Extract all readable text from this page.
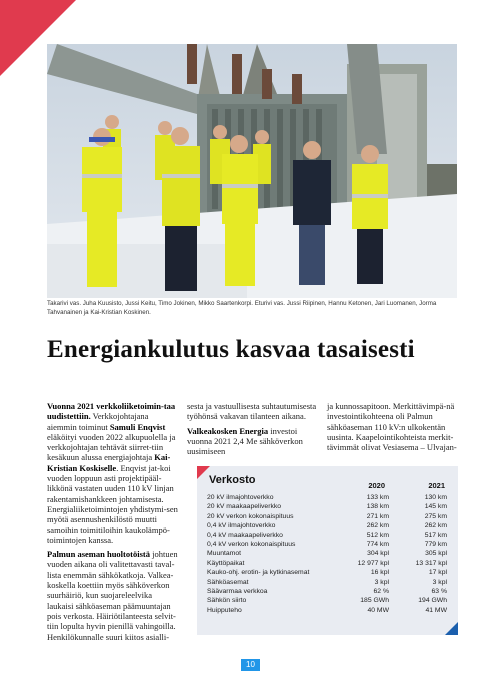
Takarivi vas. Juha Kuusisto, Jussi Keitu, Timo Jokinen, Mikko Saartenkorpi. Eturivi vas. Jussi Riipinen, Hannu Ketonen, Jari Luomanen, Jorma Tahvanainen ja Kai-Kristian Koskinen.
Energiankulutus kasvaa tasaisesti

Vuonna 2021 verkkoliiketoimin-taa uudistettiin. Verkkojohtajana aiemmin toiminut Samuli Enqvist eläköityi vuoden 2022 alkupuolella ja verkkojohtajan tehtävät siirret-tiin kesäkuun alussa energiajohtaja Kai-Kristian Koskiselle. Enqvist jat-koi vuoden loppuun asti projektipääl-likkönä vastaten uuden 110 kV linjan rakentamishankkeen johtamisesta. Energialiiketoimintojen yhdistymi-sen myötä asennushenkilöstö muutti samoihin toimitiloihin kaukolämpö-toimintojen kanssa.

Palmun aseman huoltotöistä johtuen vuoden aikana oli valitettavasti taval-lista enemmän sähkökatkoja. Valkea-koskella koettiin myös sähköverkon suurhäiriö, kun suojareleelvika laukaisi sähköaseman päämuuntajan pois verkosta. Häiriötilanteesta selvit-tiin lopulta hyvin pienillä vahingoilla. Henkilökunnalle suuri kiitos asialli-

sesta ja vastuullisesta suhtautumisesta työhönsä vakavan tilanteen aikana.

Valkeakosken Energia investoi vuonna 2021 2,4 Me sähköverkon uusimiseen

ja kunnossapitoon. Merkittävimpä-nä investointikohteena oli Palmun sähköaseman 110 kV:n ulkokentän uusinta. Kaapelointikohteista merkit-tävimmät olivat Vesiasema – Ulvajan-

Verkosto	2020	2021
20 kV ilmajohtoverkko	133 km	130 km
20 kV maakaapeliverkko	138 km	145 km
20 kV verkon kokonaispituus	271 km	275 km
0,4 kV ilmajohtoverkko	262 km	262 km
0,4 kV maakaapeliverkko	512 km	517 km
0,4 kV verkon kokonaispituus	774 km	779 km
Muuntamot	304 kpl	305 kpl
Käyttöpaikat	12 977 kpl	13 317 kpl
Kauko-ohj. erotin- ja kytkinasemat	16 kpl	17 kpl
Sähköasemat	3 kpl	3 kpl
Säävarmaa verkkoa	62 %	63 %
Sähkön siirto	185 GWh	194 GWh
Huipputeho	40 MW	41 MW
10
